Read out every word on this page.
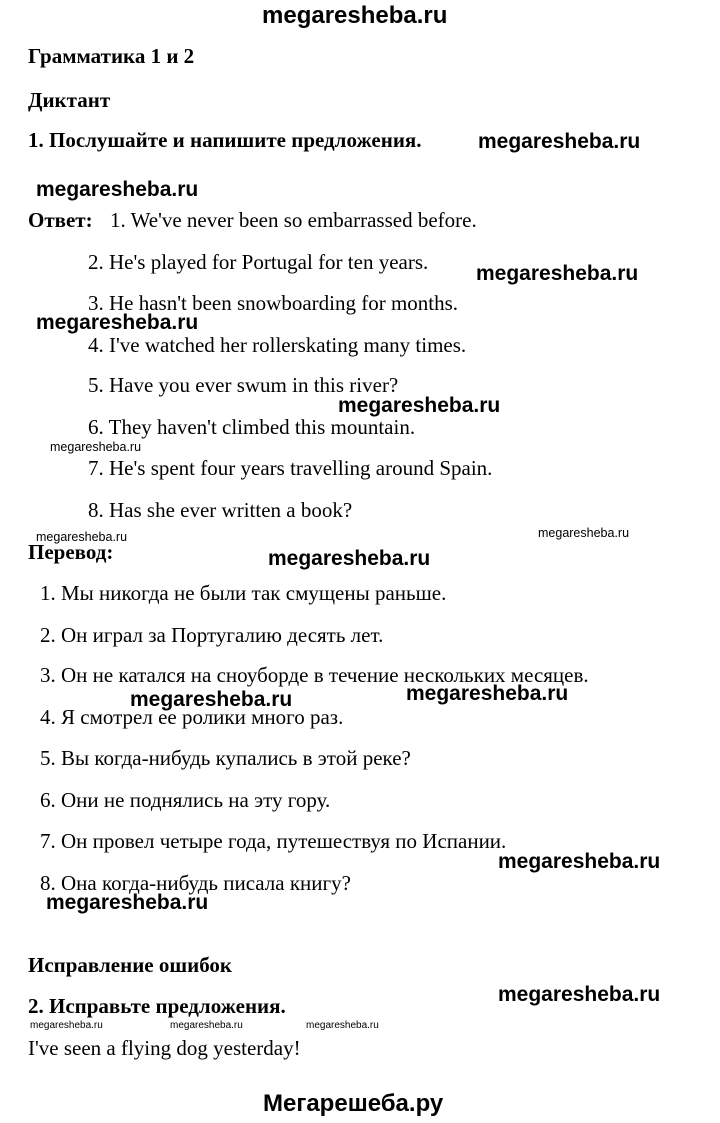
megaresheba.ru
Грамматика 1 и 2
Диктант
1. Послушайте и напишите предложения.
Ответ: 1. We've never been so embarrassed before.
2. He's played for Portugal for ten years.
3. He hasn't been snowboarding for months.
4. I've watched her rollerskating many times.
5. Have you ever swum in this river?
6. They haven't climbed this mountain.
7. He's spent four years travelling around Spain.
8. Has she ever written a book?
Перевод:
1. Мы никогда не были так смущены раньше.
2. Он играл за Португалию десять лет.
3. Он не катался на сноуборде в течение нескольких месяцев.
4. Я смотрел ее ролики много раз.
5. Вы когда-нибудь купались в этой реке?
6. Они не поднялись на эту гору.
7. Он провел четыре года, путешествуя по Испании.
8. Она когда-нибудь писала книгу?
Исправление ошибок
2. Исправьте предложения.
I've seen a flying dog yesterday!
megaresheba.ru
megaresheba.ru
megaresheba.ru
megaresheba.ru
megaresheba.ru
megaresheba.ru
megaresheba.ru	megaresheba.ru
megaresheba.ru
megaresheba.ru
megaresheba.ru
megaresheba.ru
megaresheba.ru	megaresheba.ru
megaresheba.ru	megaresheba.ru	megaresheba.ru
Мегарешеба.ру
